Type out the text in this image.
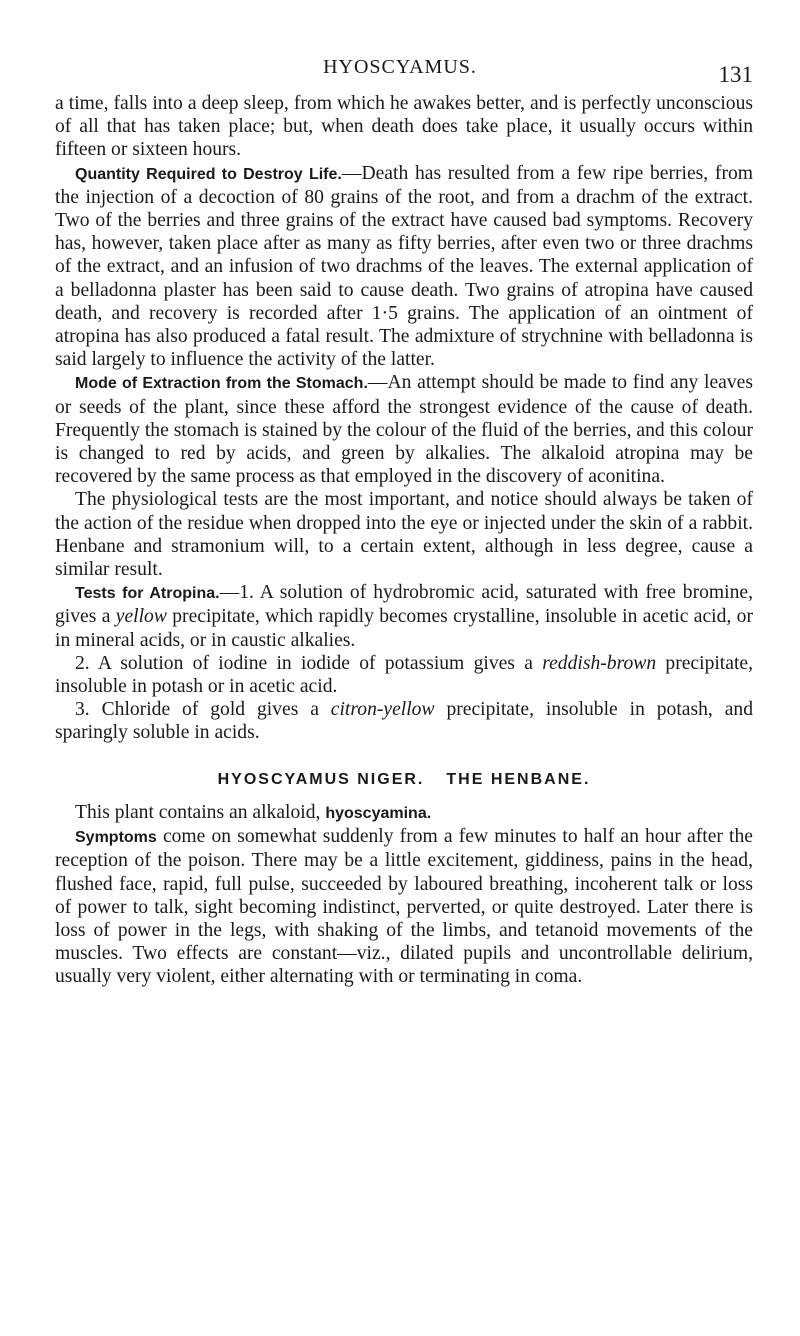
HYOSCYAMUS.	131

a time, falls into a deep sleep, from which he awakes better, and is perfectly unconscious of all that has taken place; but, when death does take place, it usually occurs within fifteen or sixteen hours.

Quantity Required to Destroy Life.—Death has resulted from a few ripe berries, from the injection of a decoction of 80 grains of the root, and from a drachm of the extract. Two of the berries and three grains of the extract have caused bad symptoms. Recovery has, however, taken place after as many as fifty berries, after even two or three drachms of the extract, and an infusion of two drachms of the leaves. The external application of a belladonna plaster has been said to cause death. Two grains of atropina have caused death, and recovery is recorded after 1·5 grains. The application of an ointment of atropina has also produced a fatal result. The admixture of strychnine with belladonna is said largely to influence the activity of the latter.

Mode of Extraction from the Stomach.—An attempt should be made to find any leaves or seeds of the plant, since these afford the strongest evidence of the cause of death. Frequently the stomach is stained by the colour of the fluid of the berries, and this colour is changed to red by acids, and green by alkalies. The alkaloid atropina may be recovered by the same process as that employed in the discovery of aconitina.

The physiological tests are the most important, and notice should always be taken of the action of the residue when dropped into the eye or injected under the skin of a rabbit. Henbane and stramonium will, to a certain extent, although in less degree, cause a similar result.

Tests for Atropina.—1. A solution of hydrobromic acid, saturated with free bromine, gives a yellow precipitate, which rapidly becomes crystalline, insoluble in acetic acid, or in mineral acids, or in caustic alkalies.

2. A solution of iodine in iodide of potassium gives a reddish-brown precipitate, insoluble in potash or in acetic acid.

3. Chloride of gold gives a citron-yellow precipitate, insoluble in potash, and sparingly soluble in acids.

HYOSCYAMUS NIGER. THE HENBANE.

This plant contains an alkaloid, hyoscyamina.

Symptoms come on somewhat suddenly from a few minutes to half an hour after the reception of the poison. There may be a little excitement, giddiness, pains in the head, flushed face, rapid, full pulse, succeeded by laboured breathing, incoherent talk or loss of power to talk, sight becoming indistinct, perverted, or quite destroyed. Later there is loss of power in the legs, with shaking of the limbs, and tetanoid movements of the muscles. Two effects are constant—viz., dilated pupils and uncontrollable delirium, usually very violent, either alternating with or terminating in coma.
